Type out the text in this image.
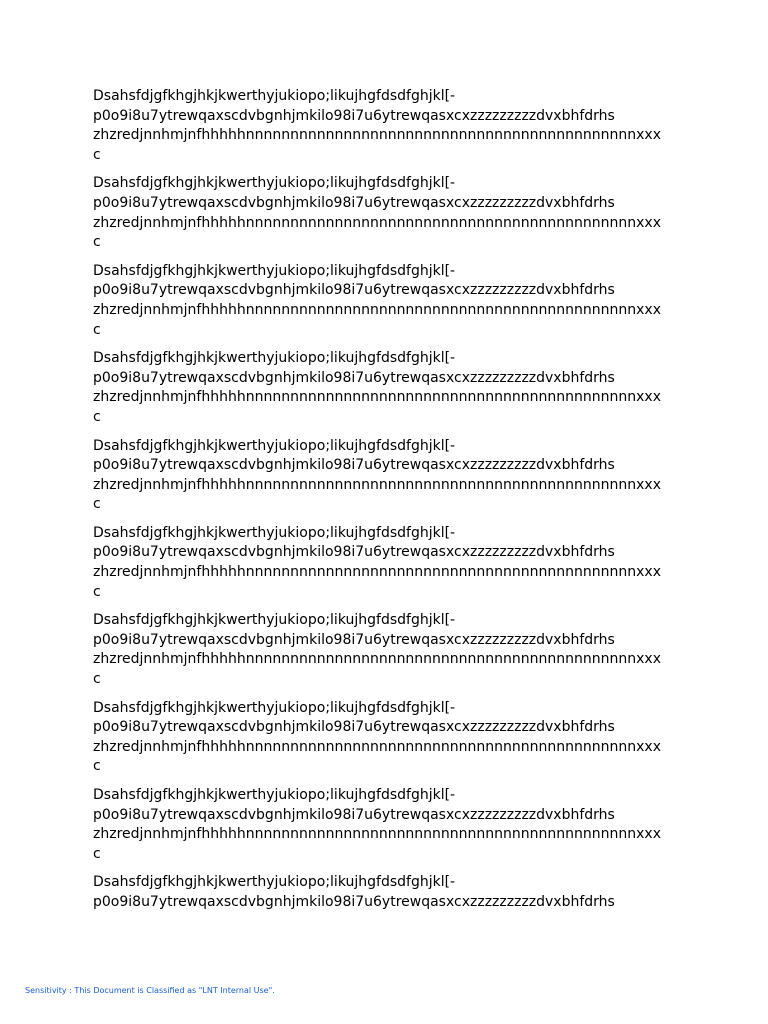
Dsahsfdjgfkhgjhkjkwerthyjukiopo;likujhgfdsdfghjkl[-
p0o9i8u7ytrewqaxscdvbgnhjmkilo98i7u6ytrewqasxcxzzzzzzzzzdvxbhfdrhs
zhzredjnnhmjnfhhhhhnnnnnnnnnnnnnnnnnnnnnnnnnnnnnnnnnnnnnnnnnnnnxxx
c

Dsahsfdjgfkhgjhkjkwerthyjukiopo;likujhgfdsdfghjkl[-
p0o9i8u7ytrewqaxscdvbgnhjmkilo98i7u6ytrewqasxcxzzzzzzzzzdvxbhfdrhs
zhzredjnnhmjnfhhhhhnnnnnnnnnnnnnnnnnnnnnnnnnnnnnnnnnnnnnnnnnnnnxxx
c

Dsahsfdjgfkhgjhkjkwerthyjukiopo;likujhgfdsdfghjkl[-
p0o9i8u7ytrewqaxscdvbgnhjmkilo98i7u6ytrewqasxcxzzzzzzzzzdvxbhfdrhs
zhzredjnnhmjnfhhhhhnnnnnnnnnnnnnnnnnnnnnnnnnnnnnnnnnnnnnnnnnnnnxxx
c

Dsahsfdjgfkhgjhkjkwerthyjukiopo;likujhgfdsdfghjkl[-
p0o9i8u7ytrewqaxscdvbgnhjmkilo98i7u6ytrewqasxcxzzzzzzzzzdvxbhfdrhs
zhzredjnnhmjnfhhhhhnnnnnnnnnnnnnnnnnnnnnnnnnnnnnnnnnnnnnnnnnnnnxxx
c

Dsahsfdjgfkhgjhkjkwerthyjukiopo;likujhgfdsdfghjkl[-
p0o9i8u7ytrewqaxscdvbgnhjmkilo98i7u6ytrewqasxcxzzzzzzzzzdvxbhfdrhs
zhzredjnnhmjnfhhhhhnnnnnnnnnnnnnnnnnnnnnnnnnnnnnnnnnnnnnnnnnnnnxxx
c

Dsahsfdjgfkhgjhkjkwerthyjukiopo;likujhgfdsdfghjkl[-
p0o9i8u7ytrewqaxscdvbgnhjmkilo98i7u6ytrewqasxcxzzzzzzzzzdvxbhfdrhs
zhzredjnnhmjnfhhhhhnnnnnnnnnnnnnnnnnnnnnnnnnnnnnnnnnnnnnnnnnnnnxxx
c

Dsahsfdjgfkhgjhkjkwerthyjukiopo;likujhgfdsdfghjkl[-
p0o9i8u7ytrewqaxscdvbgnhjmkilo98i7u6ytrewqasxcxzzzzzzzzzdvxbhfdrhs
zhzredjnnhmjnfhhhhhnnnnnnnnnnnnnnnnnnnnnnnnnnnnnnnnnnnnnnnnnnnnxxx
c

Dsahsfdjgfkhgjhkjkwerthyjukiopo;likujhgfdsdfghjkl[-
p0o9i8u7ytrewqaxscdvbgnhjmkilo98i7u6ytrewqasxcxzzzzzzzzzdvxbhfdrhs
zhzredjnnhmjnfhhhhhnnnnnnnnnnnnnnnnnnnnnnnnnnnnnnnnnnnnnnnnnnnnxxx
c

Dsahsfdjgfkhgjhkjkwerthyjukiopo;likujhgfdsdfghjkl[-
p0o9i8u7ytrewqaxscdvbgnhjmkilo98i7u6ytrewqasxcxzzzzzzzzzdvxbhfdrhs
zhzredjnnhmjnfhhhhhnnnnnnnnnnnnnnnnnnnnnnnnnnnnnnnnnnnnnnnnnnnnxxx
c

Dsahsfdjgfkhgjhkjkwerthyjukiopo;likujhgfdsdfghjkl[-
p0o9i8u7ytrewqaxscdvbgnhjmkilo98i7u6ytrewqasxcxzzzzzzzzzdvxbhfdrhs

Sensitivity : This Document is Classified as "LNT Internal Use".
